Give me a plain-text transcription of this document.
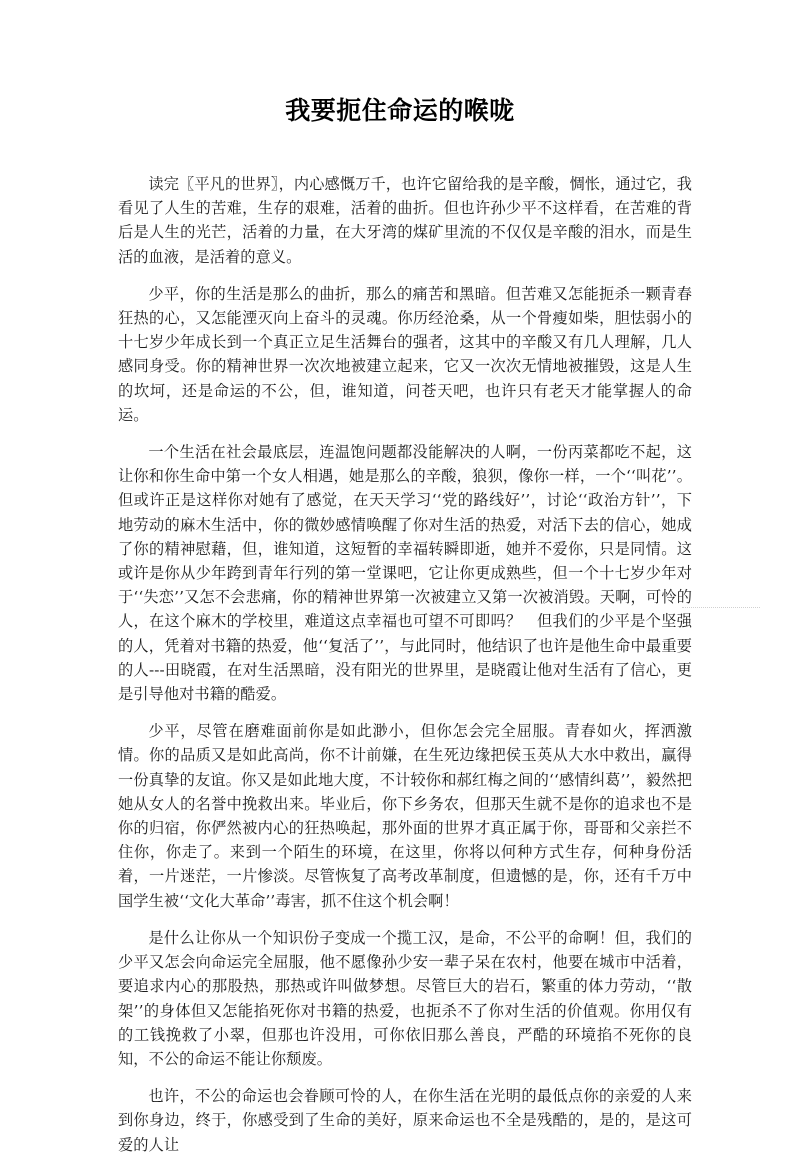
我要扼住命运的喉咙

读完〖平凡的世界〗，内心感慨万千，也许它留给我的是辛酸，惆怅，通过它，我看见了人生的苦难，生存的艰难，活着的曲折。但也许孙少平不这样看，在苦难的背后是人生的光芒，活着的力量，在大牙湾的煤矿里流的不仅仅是辛酸的泪水，而是生活的血液，是活着的意义。

少平，你的生活是那么的曲折，那么的痛苦和黑暗。但苦难又怎能扼杀一颗青春狂热的心，又怎能湮灭向上奋斗的灵魂。你历经沧桑，从一个骨瘦如柴，胆怯弱小的十七岁少年成长到一个真正立足生活舞台的强者，这其中的辛酸又有几人理解，几人感同身受。你的精神世界一次次地被建立起来，它又一次次无情地被摧毁，这是人生的坎坷，还是命运的不公，但，谁知道，问苍天吧，也许只有老天才能掌握人的命运。

一个生活在社会最底层，连温饱问题都没能解决的人啊，一份丙菜都吃不起，这让你和你生命中第一个女人相遇，她是那么的辛酸，狼狈，像你一样，一个‘‘叫花’’。但或许正是这样你对她有了感觉，在天天学习‘‘党的路线好’’，讨论‘‘政治方针’’，下地劳动的麻木生活中，你的微妙感情唤醒了你对生活的热爱，对活下去的信心，她成了你的精神慰藉，但，谁知道，这短暂的幸福转瞬即逝，她并不爱你，只是同情。这或许是你从少年跨到青年行列的第一堂课吧，它让你更成熟些，但一个十七岁少年对于‘‘失恋’’又怎不会悲痛，你的精神世界第一次被建立又第一次被消毁。天啊，可怜的人，在这个麻木的学校里，难道这点幸福也可望不可即吗？　但我们的少平是个坚强的人，凭着对书籍的热爱，他‘‘复活了’’，与此同时，他结识了也许是他生命中最重要的人---田晓霞，在对生活黑暗，没有阳光的世界里，是晓霞让他对生活有了信心，更是引导他对书籍的酷爱。

少平，尽管在磨难面前你是如此渺小，但你怎会完全屈服。青春如火，挥洒激情。你的品质又是如此高尚，你不计前嫌，在生死边缘把侯玉英从大水中救出，赢得一份真挚的友谊。你又是如此地大度，不计较你和郝红梅之间的‘‘感情纠葛’’，毅然把她从女人的名誉中挽救出来。毕业后，你下乡务农，但那天生就不是你的追求也不是你的归宿，你俨然被内心的狂热唤起，那外面的世界才真正属于你，哥哥和父亲拦不住你，你走了。来到一个陌生的环境，在这里，你将以何种方式生存，何种身份活着，一片迷茫，一片惨淡。尽管恢复了高考改革制度，但遗憾的是，你，还有千万中国学生被‘‘文化大革命’’毒害，抓不住这个机会啊！

是什么让你从一个知识份子变成一个揽工汉，是命，不公平的命啊！但，我们的少平又怎会向命运完全屈服，他不愿像孙少安一辈子呆在农村，他要在城市中活着，要追求内心的那股热，那热或许叫做梦想。尽管巨大的岩石，繁重的体力劳动，‘‘散架’’的身体但又怎能掐死你对书籍的热爱，也扼杀不了你对生活的价值观。你用仅有的工钱挽救了小翠，但那也许没用，可你依旧那么善良，严酷的环境掐不死你的良知，不公的命运不能让你颓废。

也许，不公的命运也会眷顾可怜的人，在你生活在光明的最低点你的亲爱的人来到你身边，终于，你感受到了生命的美好，原来命运也不全是残酷的，是的，是这可爱的人让
